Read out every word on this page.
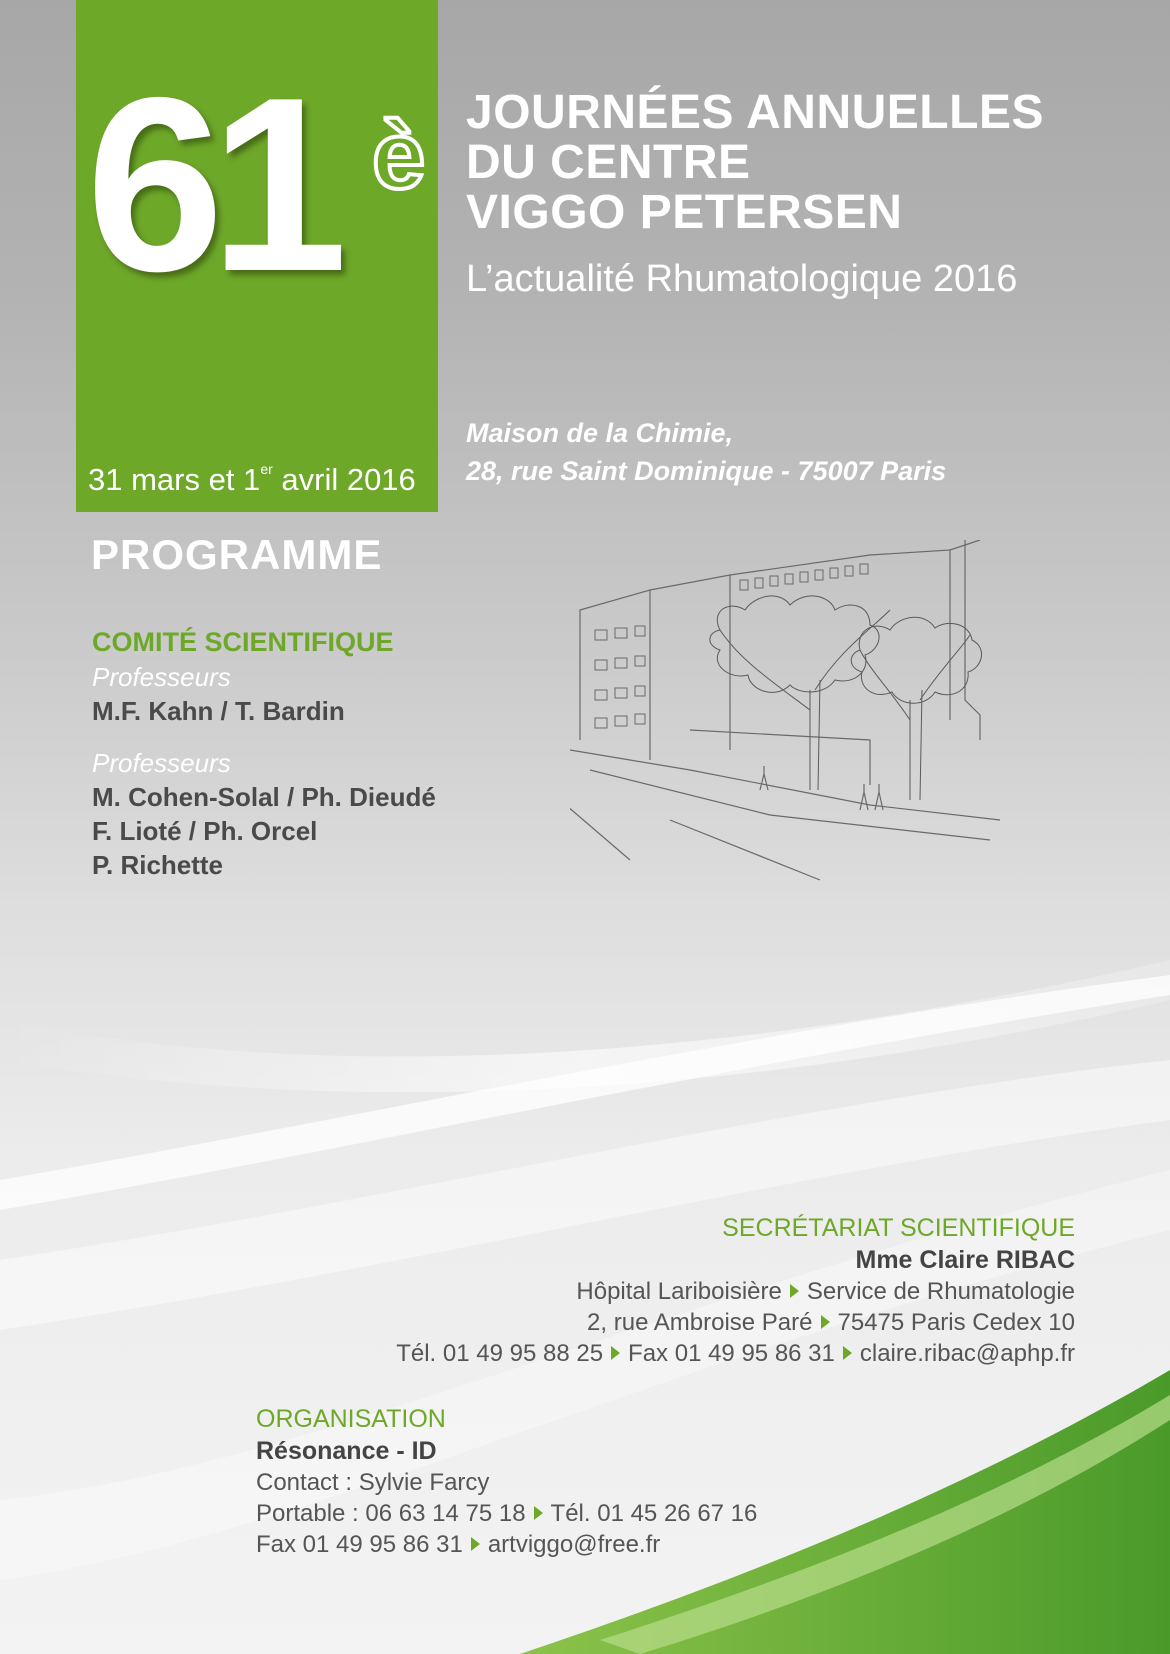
61 è
31 mars et 1er avril 2016
JOURNÉES ANNUELLES
DU CENTRE
VIGGO PETERSEN
L’actualité Rhumatologique 2016
Maison de la Chimie,
28, rue Saint Dominique - 75007 Paris
PROGRAMME

COMITÉ SCIENTIFIQUE

Professeurs

M.F. Kahn / T. Bardin

Professeurs

M. Cohen-Solal / Ph. Dieudé

F. Lioté / Ph. Orcel

P. Richette

SECRÉTARIAT SCIENTIFIQUE

Mme Claire RIBAC

Hôpital Lariboisière Service de Rhumatologie

2, rue Ambroise Paré 75475 Paris Cedex 10

Tél. 01 49 95 88 25 Fax 01 49 95 86 31 claire.ribac@aphp.fr

ORGANISATION

Résonance - ID

Contact : Sylvie Farcy

Portable : 06 63 14 75 18 Tél. 01 45 26 67 16

Fax 01 49 95 86 31 artviggo@free.fr
